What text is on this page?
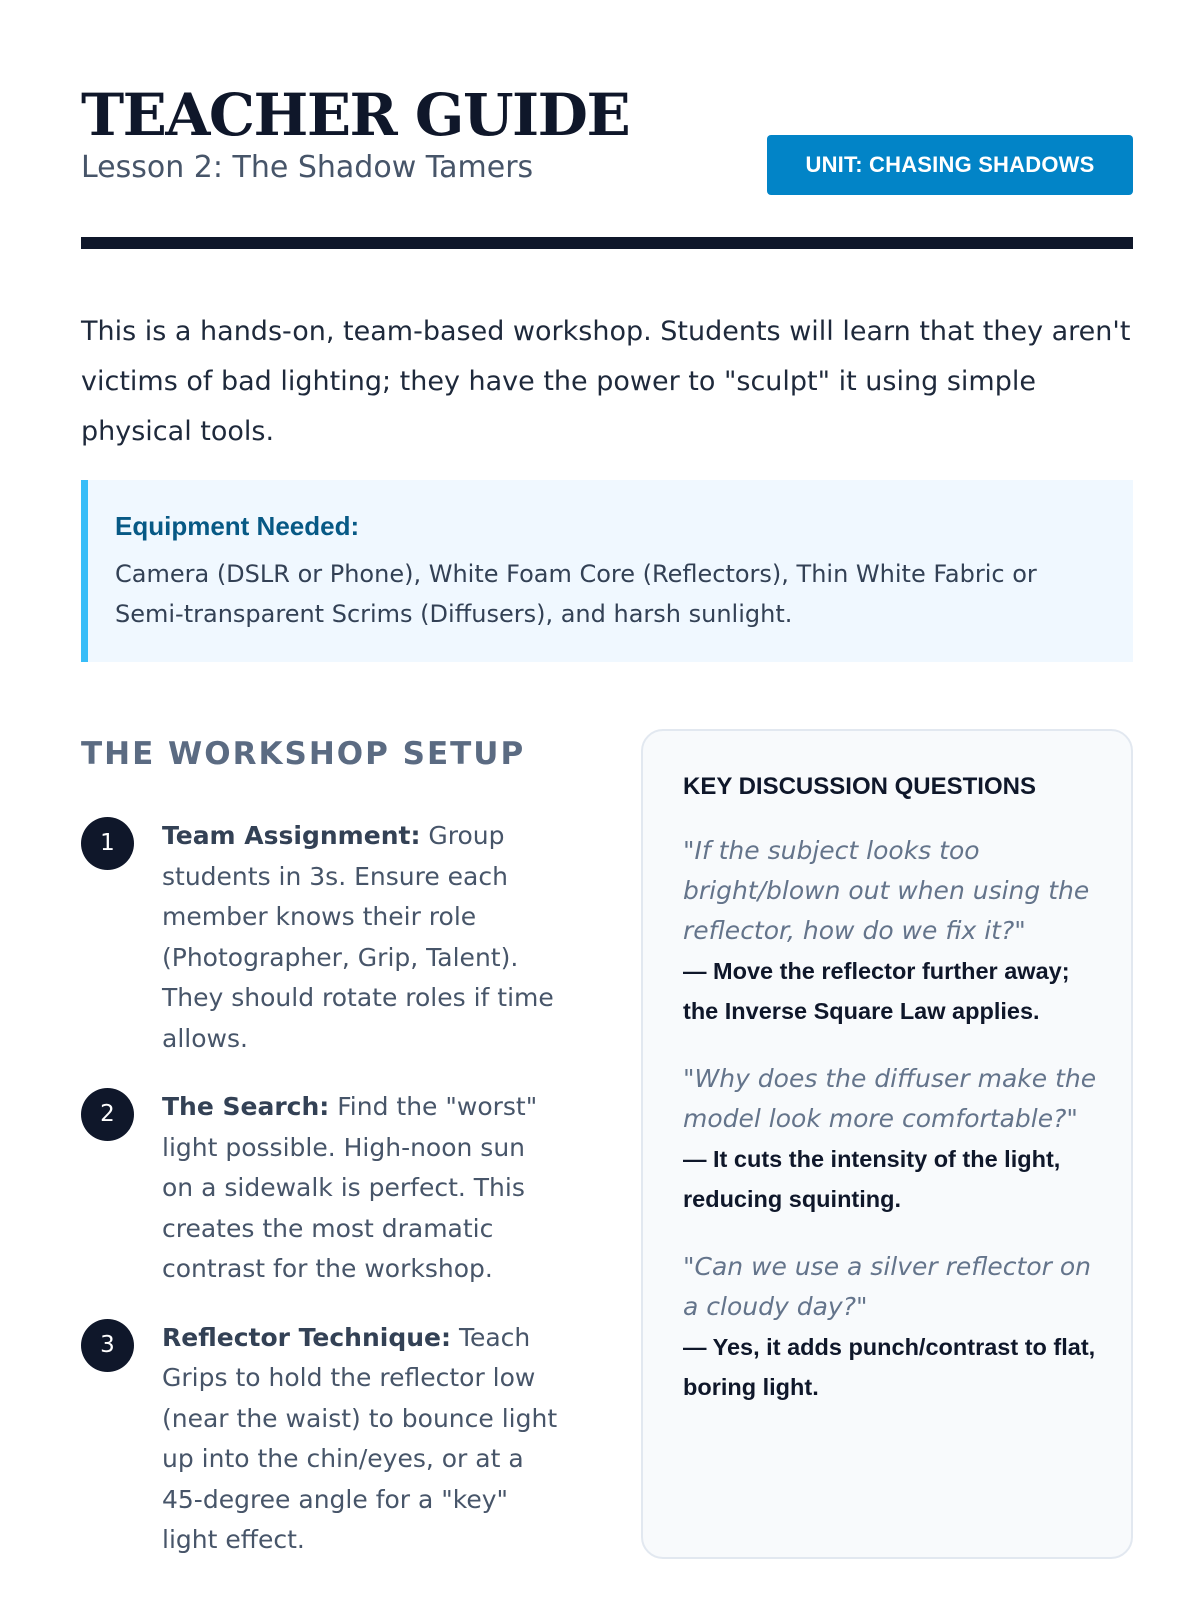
TEACHER GUIDE
Lesson 2: The Shadow Tamers	UNIT: CHASING SHADOWS

This is a hands-on, team-based workshop. Students will learn that they aren't victims of bad lighting; they have the power to "sculpt" it using simple physical tools.

Equipment Needed:
Camera (DSLR or Phone), White Foam Core (Reflectors), Thin White Fabric or Semi-transparent Scrims (Diffusers), and harsh sunlight.
THE WORKSHOP SETUP
1	Team Assignment: Group students in 3s. Ensure each member knows their role (Photographer, Grip, Talent). They should rotate roles if time allows.
2	The Search: Find the "worst" light possible. High-noon sun on a sidewalk is perfect. This creates the most dramatic contrast for the workshop.
3	Reflector Technique: Teach Grips to hold the reflector low (near the waist) to bounce light up into the chin/eyes, or at a 45-degree angle for a "key" light effect.
KEY DISCUSSION QUESTIONS
"If the subject looks too bright/blown out when using the reflector, how do we fix it?"
— Move the reflector further away; the Inverse Square Law applies.
"Why does the diffuser make the model look more comfortable?"
— It cuts the intensity of the light, reducing squinting.
"Can we use a silver reflector on a cloudy day?"
— Yes, it adds punch/contrast to flat, boring light.
